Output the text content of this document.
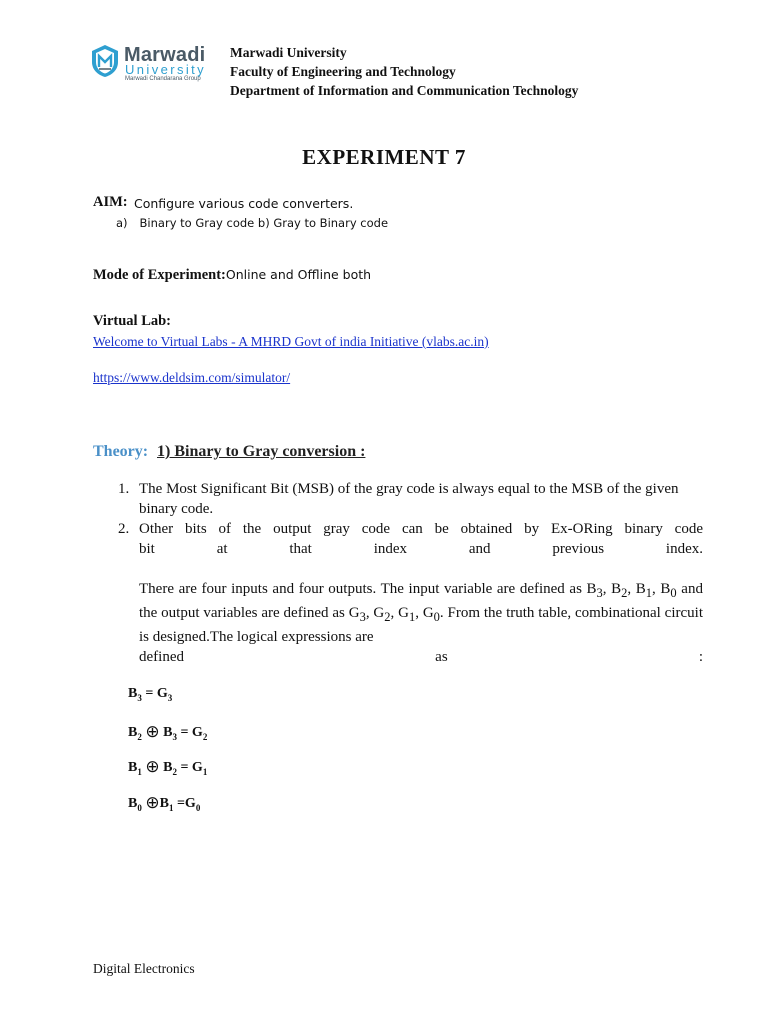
Marwadi
University
Marwadi Chandarana Group
Marwadi University
Faculty of Engineering and Technology
Department of Information and Communication Technology
EXPERIMENT 7
AIM: Configure various code converters.
a) Binary to Gray code b) Gray to Binary code
Mode of Experiment:Online and Offline both
Virtual Lab:
Welcome to Virtual Labs - A MHRD Govt of india Initiative (vlabs.ac.in)
https://www.deldsim.com/simulator/
Theory: 1) Binary to Gray conversion :
1. The Most Significant Bit (MSB) of the gray code is always equal to the MSB of the given binary code.
2. Other bits of the output gray code can be obtained by Ex-ORing binary code
bit	at	that	index	and	previous	index.
There are four inputs and four outputs. The input variable are defined as $B_3$, $B_2$, $B_1$, $B_0$ and the output variables are defined as $G_3$, $G_2$, $G_1$, $G_0$. From the truth table, combinational circuit is designed.The logical expressions are
defined	as	:
$B_3 = G_3$
$B_2$ ⊕ $B_3 = G_2$
$B_1$ ⊕ $B_2 = G_1$
$B_0$ $\oplus B_1 =G_0$
Digital Electronics
